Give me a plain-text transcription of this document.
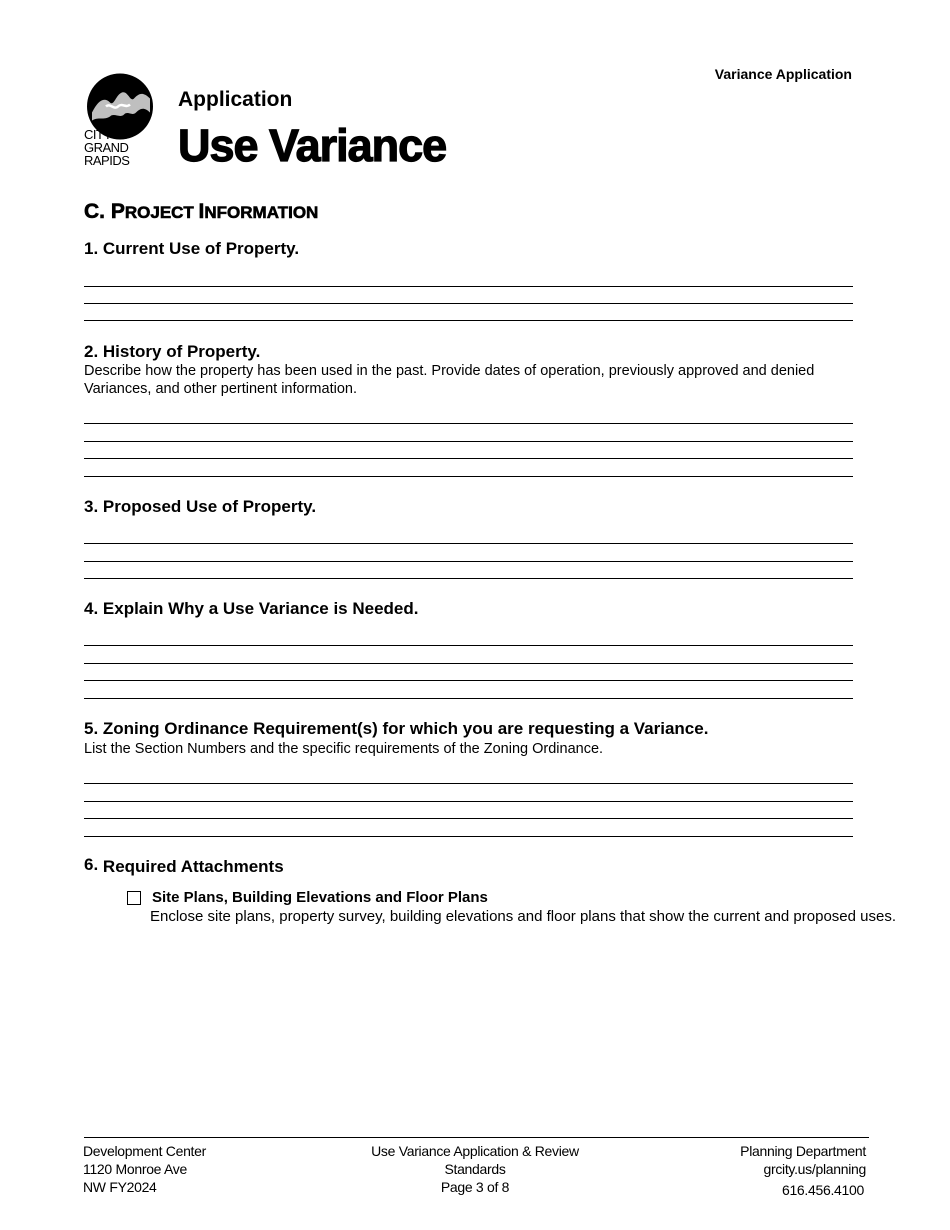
CITY OF
GRAND
RAPIDS
Variance Application
Application
Use Variance
C. PROJECT INFORMATION
1. Current Use of Property.
2. History of Property.
Describe how the property has been used in the past. Provide dates of operation, previously approved and denied Variances, and other pertinent information.
3. Proposed Use of Property.
4. Explain Why a Use Variance is Needed.
5. Zoning Ordinance Requirement(s) for which you are requesting a Variance.
List the Section Numbers and the specific requirements of the Zoning Ordinance.
6. Required Attachments
Site Plans, Building Elevations and Floor Plans
Enclose site plans, property survey, building elevations and floor plans that show the current and proposed uses.
Development Center
1120 Monroe Ave
NW FY2024
Use Variance Application & Review
Standards
Page 3 of 8
Planning Department
grcity.us/planning
616.456.4100
